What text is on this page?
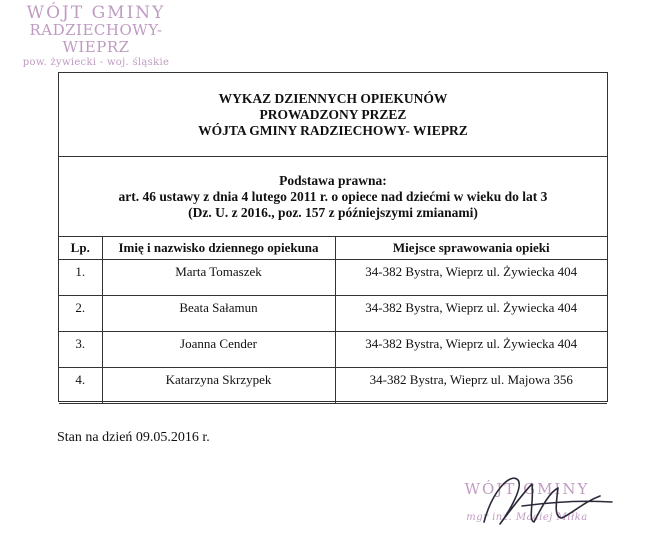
WÓJT GMINY
RADZIECHOWY-WIEPRZ
pow. żywiecki - woj. śląskie
WYKAZ DZIENNYCH OPIEKUNÓW
PROWADZONY PRZEZ
WÓJTA GMINY RADZIECHOWY- WIEPRZ
Podstawa prawna:
art. 46 ustawy z dnia 4 lutego 2011 r. o opiece nad dziećmi w wieku do lat 3
(Dz. U. z 2016., poz. 157 z późniejszymi zmianami)
Lp.	Imię i nazwisko dziennego opiekuna	Miejsce sprawowania opieki
1.	Marta Tomaszek	34-382 Bystra, Wieprz ul. Żywiecka 404
2.	Beata Sałamun	34-382 Bystra, Wieprz ul. Żywiecka 404
3.	Joanna Cender	34-382 Bystra, Wieprz ul. Żywiecka 404
4.	Katarzyna Skrzypek	34-382 Bystra, Wieprz ul. Majowa 356
Stan na dzień 09.05.2016 r.
WÓJT GMINY
mgr inż. Maciej Miłka
